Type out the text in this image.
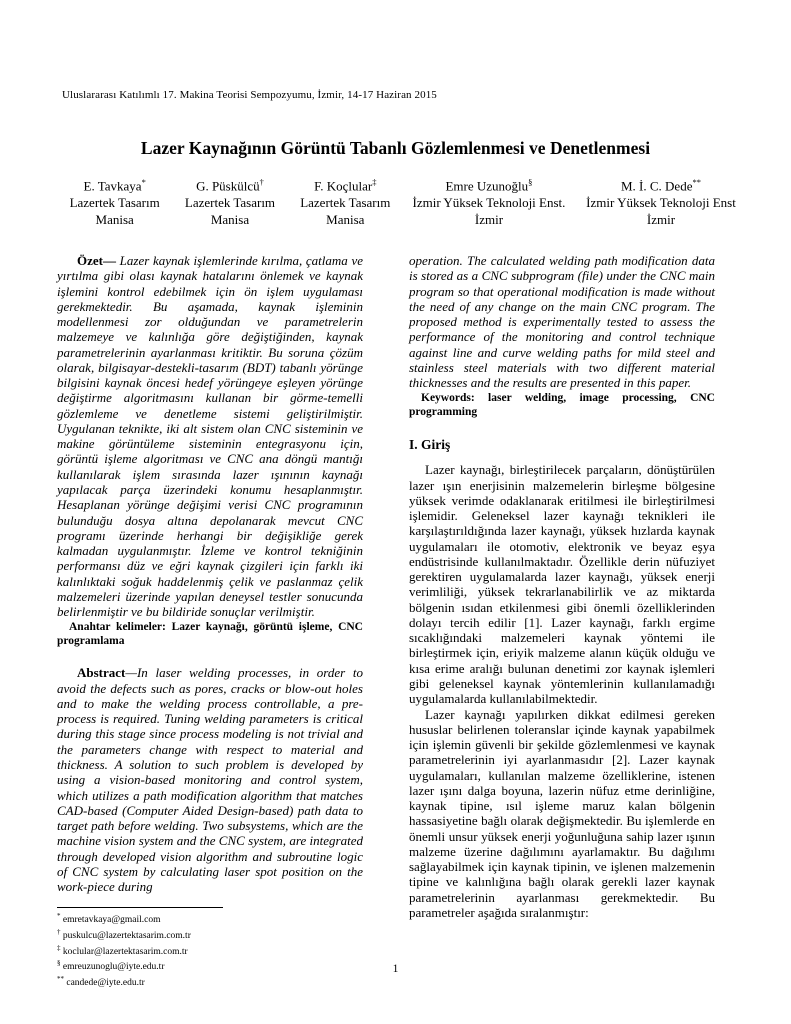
Uluslararası Katılımlı 17. Makina Teorisi Sempozyumu, İzmir, 14-17 Haziran 2015
Lazer Kaynağının Görüntü Tabanlı Gözlemlenmesi ve Denetlenmesi
E. Tavkaya*
Lazertek Tasarım
Manisa
G. Püskülcü†
Lazertek Tasarım
Manisa
F. Koçlular‡
Lazertek Tasarım
Manisa
Emre Uzunoğlu§
İzmir Yüksek Teknoloji Enst.
İzmir
M. İ. C. Dede**
İzmir Yüksek Teknoloji Enst
İzmir

Özet— Lazer kaynak işlemlerinde kırılma, çatlama ve yırtılma gibi olası kaynak hatalarını önlemek ve kaynak işlemini kontrol edebilmek için ön işlem uygulaması gerekmektedir. Bu aşamada, kaynak işleminin modellenmesi zor olduğundan ve parametrelerin malzemeye ve kalınlığa göre değiştiğinden, kaynak parametrelerinin ayarlanması kritiktir. Bu soruna çözüm olarak, bilgisayar-destekli-tasarım (BDT) tabanlı yörünge bilgisini kaynak öncesi hedef yörüngeye eşleyen yörünge değiştirme algoritmasını kullanan bir görme-temelli gözlemleme ve denetleme sistemi geliştirilmiştir. Uygulanan teknikte, iki alt sistem olan CNC sisteminin ve makine görüntüleme sisteminin entegrasyonu için, görüntü işleme algoritması ve CNC ana döngü mantığı kullanılarak işlem sırasında lazer ışınının kaynağı yapılacak parça üzerindeki konumu hesaplanmıştır. Hesaplanan yörünge değişimi verisi CNC programının bulunduğu dosya altına depolanarak mevcut CNC programı üzerinde herhangi bir değişikliğe gerek kalmadan uygulanmıştır. İzleme ve kontrol tekniğinin performansı düz ve eğri kaynak çizgileri için farklı iki kalınlıktaki soğuk haddelenmiş çelik ve paslanmaz çelik malzemeleri üzerinde yapılan deneysel testler sonucunda belirlenmiştir ve bu bildiride sonuçlar verilmiştir.

Anahtar kelimeler: Lazer kaynağı, görüntü işleme, CNC programlama

Abstract—In laser welding processes, in order to avoid the defects such as pores, cracks or blow-out holes and to make the welding process controllable, a pre-process is required. Tuning welding parameters is critical during this stage since process modeling is not trivial and the parameters change with respect to material and thickness. A solution to such problem is developed by using a vision-based monitoring and control system, which utilizes a path modification algorithm that matches CAD-based (Computer Aided Design-based) path data to target path before welding. Two subsystems, which are the machine vision system and the CNC system, are integrated through developed vision algorithm and subroutine logic of CNC system by calculating laser spot position on the work-piece during

* emretavkaya@gmail.com
† puskulcu@lazertektasarim.com.tr
‡ koclular@lazertektasarim.com.tr
§ emreuzunoglu@iyte.edu.tr
** candede@iyte.edu.tr

operation. The calculated welding path modification data is stored as a CNC subprogram (file) under the CNC main program so that operational modification is made without the need of any change on the main CNC program. The proposed method is experimentally tested to assess the performance of the monitoring and control technique against line and curve welding paths for mild steel and stainless steel materials with two different material thicknesses and the results are presented in this paper.

Keywords: laser welding, image processing, CNC programming

I. Giriş

Lazer kaynağı, birleştirilecek parçaların, dönüştürülen lazer ışın enerjisinin malzemelerin birleşme bölgesine yüksek verimde odaklanarak eritilmesi ile birleştirilmesi işlemidir. Geleneksel lazer kaynağı teknikleri ile karşılaştırıldığında lazer kaynağı, yüksek hızlarda kaynak uygulamaları ile otomotiv, elektronik ve beyaz eşya endüstrisinde kullanılmaktadır. Özellikle derin nüfuziyet gerektiren uygulamalarda lazer kaynağı, yüksek enerji verimliliği, yüksek tekrarlanabilirlik ve az miktarda bölgenin ısıdan etkilenmesi gibi önemli özelliklerinden dolayı tercih edilir [1]. Lazer kaynağı, farklı ergime sıcaklığındaki malzemeleri kaynak yöntemi ile birleştirmek için, eriyik malzeme alanın küçük olduğu ve kısa erime aralığı bulunan denetimi zor kaynak işlemleri gibi geleneksel kaynak yöntemlerinin kullanılamadığı uygulamalarda kullanılabilmektedir.

Lazer kaynağı yapılırken dikkat edilmesi gereken hususlar belirlenen toleranslar içinde kaynak yapabilmek için işlemin güvenli bir şekilde gözlemlenmesi ve kaynak parametrelerinin iyi ayarlanmasıdır [2]. Lazer kaynak uygulamaları, kullanılan malzeme özelliklerine, istenen lazer ışını dalga boyuna, lazerin nüfuz etme derinliğine, kaynak tipine, ısıl işleme maruz kalan bölgenin hassasiyetine bağlı olarak değişmektedir. Bu işlemlerde en önemli unsur yüksek enerji yoğunluğuna sahip lazer ışının malzeme üzerine dağılımını ayarlamaktır. Bu dağılımı sağlayabilmek için kaynak tipinin, ve işlenen malzemenin tipine ve kalınlığına bağlı olarak gerekli lazer kaynak parametrelerinin ayarlanması gerekmektedir. Bu parametreler aşağıda sıralanmıştır:

1
